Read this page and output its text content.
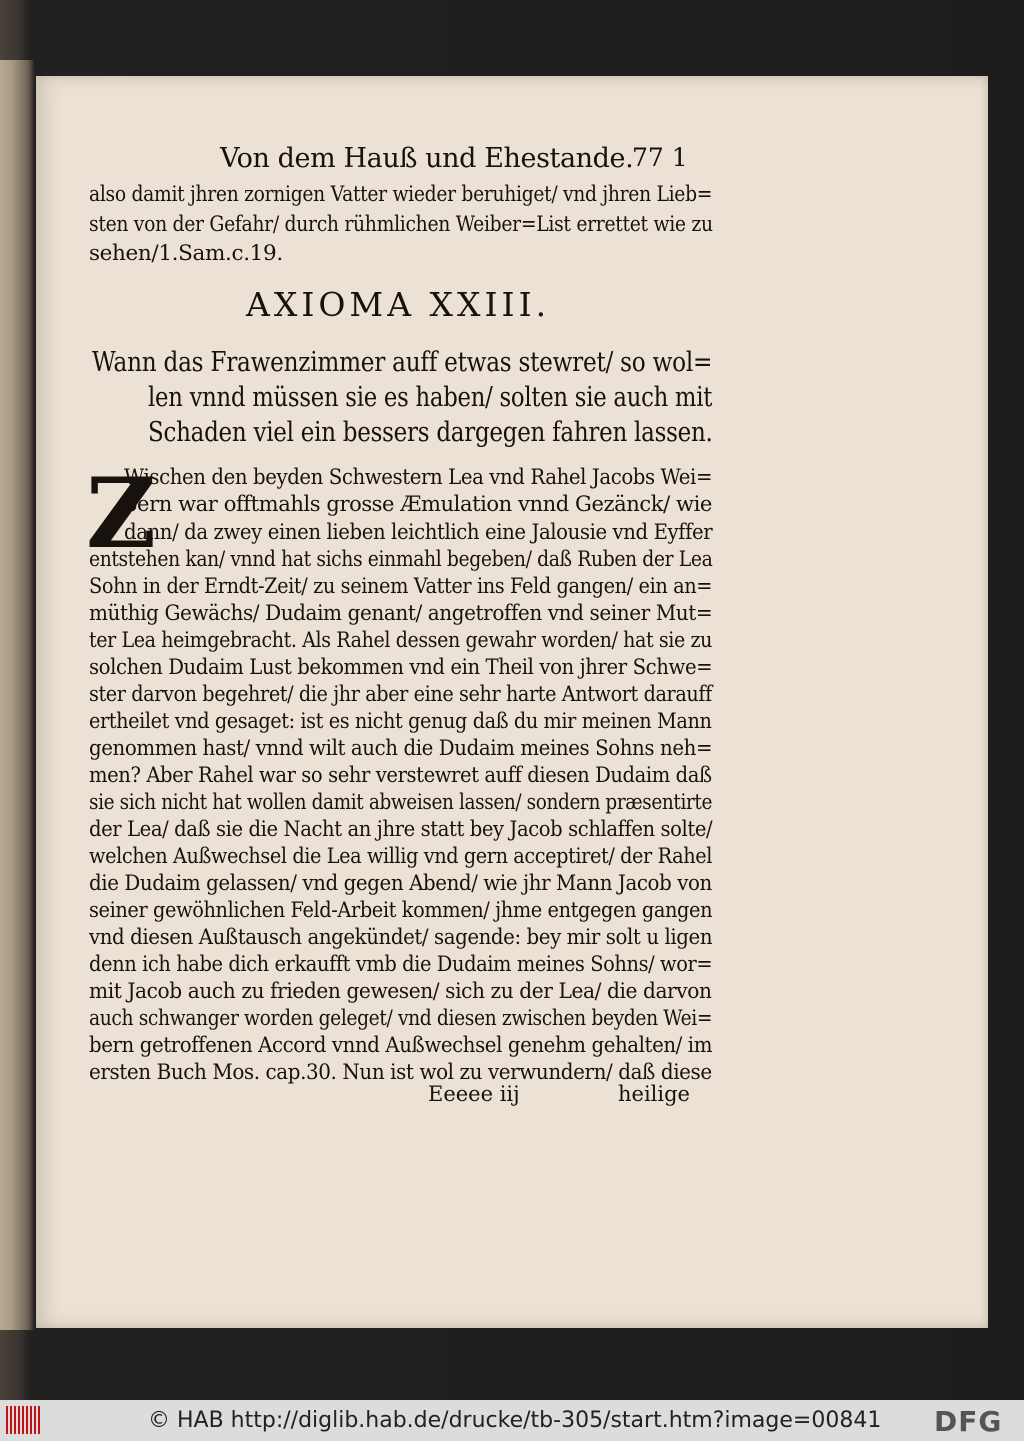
Von dem Hauß und Ehestande.
77 1
also damit jhren zornigen Vatter wieder beruhiget/ vnd jhren Lieb=
sten von der Gefahr/ durch rühmlichen Weiber=List errettet wie zu
sehen/1.Sam.c.19.
AXIOMA XXIII.
Wann das Frawenzimmer auff etwas stewret/ so wol=
len vnnd müssen sie es haben/ solten sie auch mit
Schaden viel ein bessers dargegen fahren lassen.
Z
Wischen den beyden Schwestern Lea vnd Rahel Jacobs Wei=
bern war offtmahls grosse Æmulation vnnd Gezänck/ wie
dann/ da zwey einen lieben leichtlich eine Jalousie vnd Eyffer
entstehen kan/ vnnd hat sichs einmahl begeben/ daß Ruben der Lea
Sohn in der Erndt-Zeit/ zu seinem Vatter ins Feld gangen/ ein an=
müthig Gewächs/ Dudaim genant/ angetroffen vnd seiner Mut=
ter Lea heimgebracht. Als Rahel dessen gewahr worden/ hat sie zu
solchen Dudaim Lust bekommen vnd ein Theil von jhrer Schwe=
ster darvon begehret/ die jhr aber eine sehr harte Antwort darauff
ertheilet vnd gesaget: ist es nicht genug daß du mir meinen Mann
genommen hast/ vnnd wilt auch die Dudaim meines Sohns neh=
men? Aber Rahel war so sehr verstewret auff diesen Dudaim daß
sie sich nicht hat wollen damit abweisen lassen/ sondern præsentirte
der Lea/ daß sie die Nacht an jhre statt bey Jacob schlaffen solte/
welchen Außwechsel die Lea willig vnd gern acceptiret/ der Rahel
die Dudaim gelassen/ vnd gegen Abend/ wie jhr Mann Jacob von
seiner gewöhnlichen Feld-Arbeit kommen/ jhme entgegen gangen
vnd diesen Außtausch angekündet/ sagende: bey mir solt u ligen
denn ich habe dich erkaufft vmb die Dudaim meines Sohns/ wor=
mit Jacob auch zu frieden gewesen/ sich zu der Lea/ die darvon
auch schwanger worden geleget/ vnd diesen zwischen beyden Wei=
bern getroffenen Accord vnnd Außwechsel genehm gehalten/ im
ersten Buch Mos. cap.30. Nun ist wol zu verwundern/ daß diese
Eeeee iij	heilige
© HAB http://diglib.hab.de/drucke/tb-305/start.htm?image=00841 DFG
